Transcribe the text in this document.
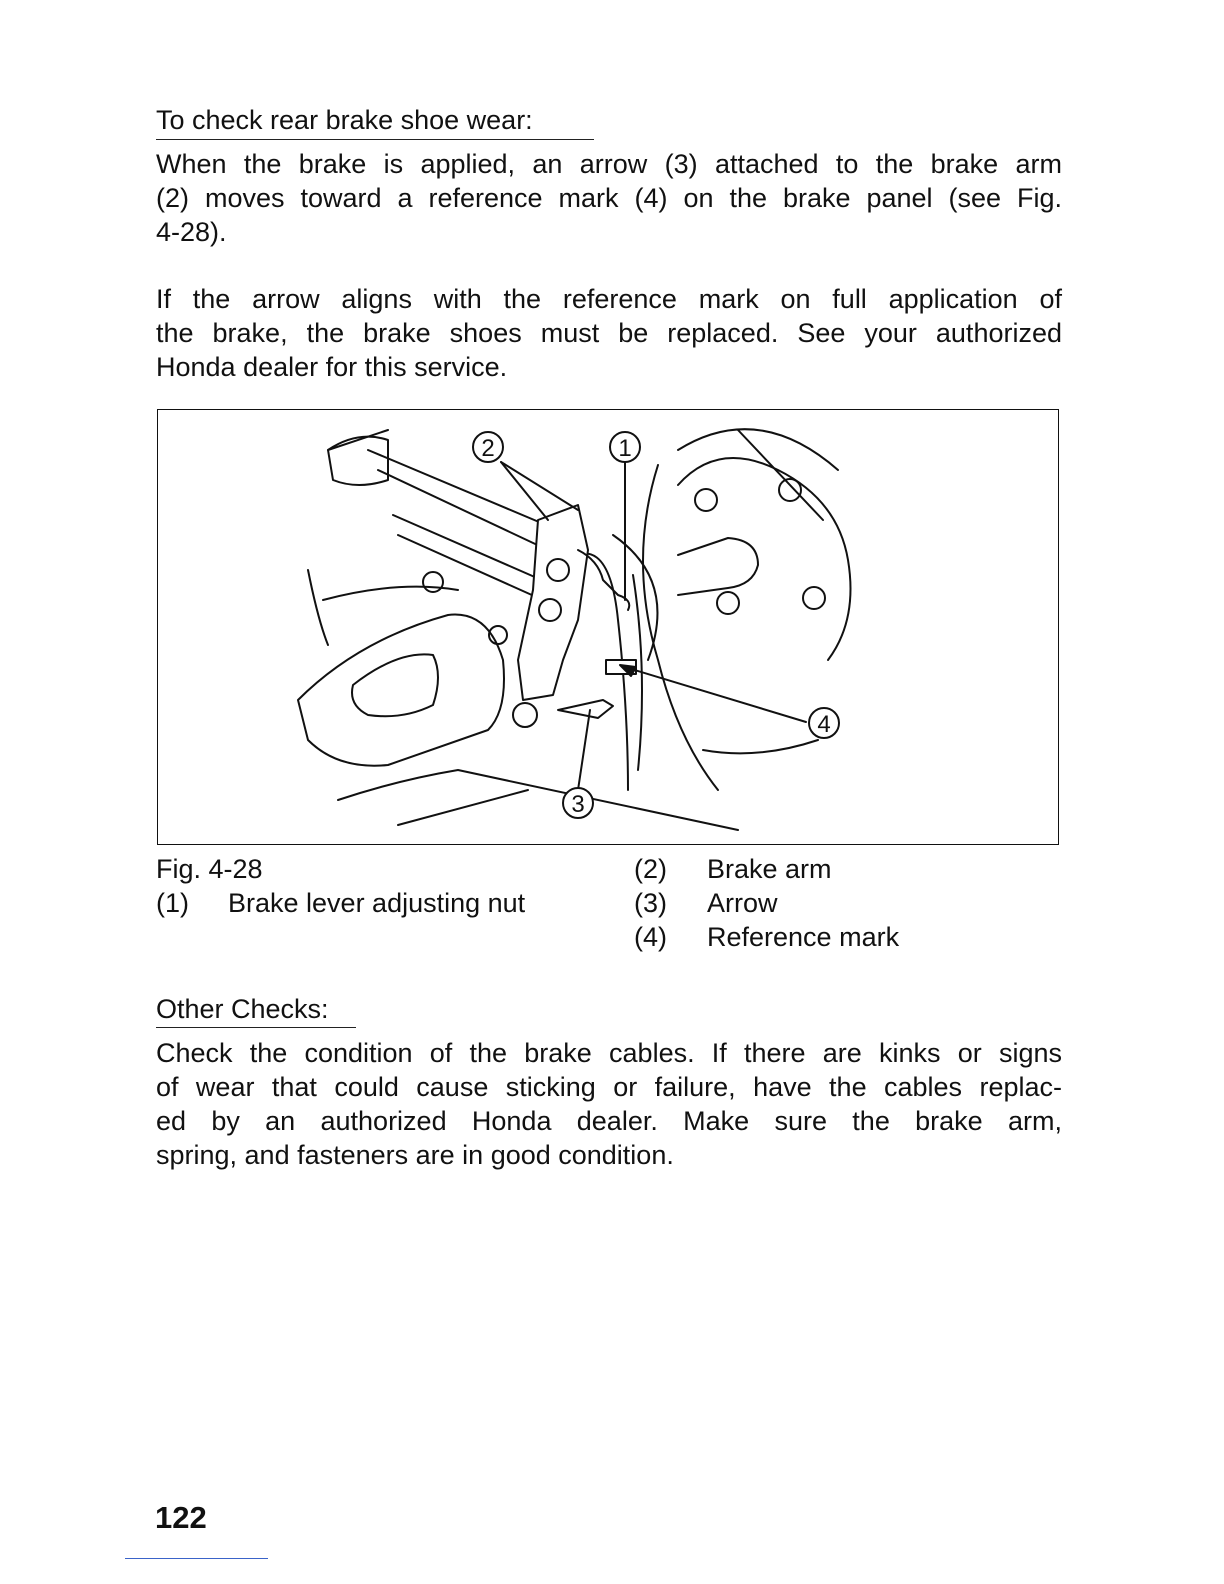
To check rear brake shoe wear:
When the brake is applied, an arrow (3) attached to the brake arm
(2) moves toward a reference mark (4) on the brake panel (see Fig.
4-28).
If the arrow aligns with the reference mark on full application of
the brake, the brake shoes must be replaced. See your authorized
Honda dealer for this service.
2	1
4
3
Fig. 4-28
(1) Brake lever adjusting nut
(2) Brake arm
(3) Arrow
(4) Reference mark
Other Checks:
Check the condition of the brake cables. If there are kinks or signs
of wear that could cause sticking or failure, have the cables replac-
ed by an authorized Honda dealer. Make sure the brake arm,
spring, and fasteners are in good condition.
122
